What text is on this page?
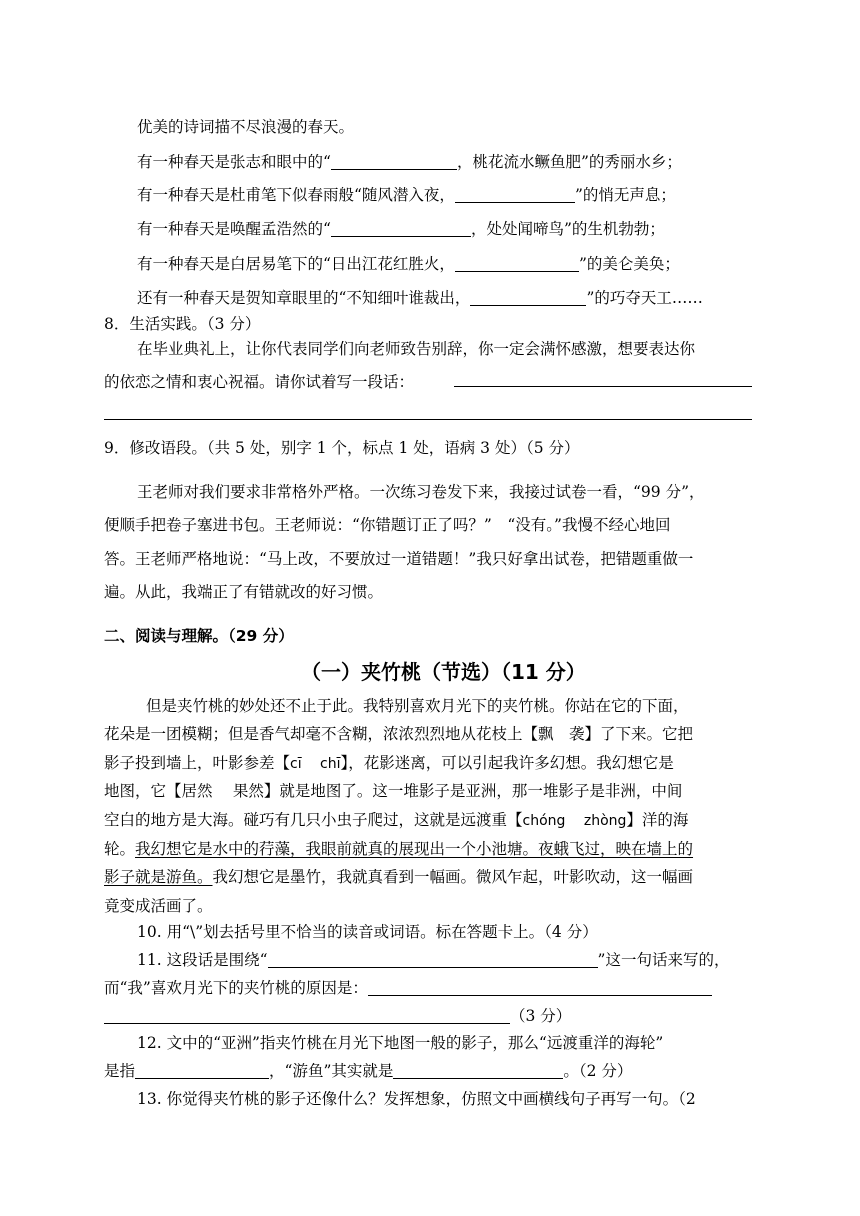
优美的诗词描不尽浪漫的春天。
有一种春天是张志和眼中的“	，桃花流水鳜鱼肥”的秀丽水乡；
有一种春天是杜甫笔下似春雨般“随风潜入夜，	”的悄无声息；
有一种春天是唤醒孟浩然的“	，处处闻啼鸟”的生机勃勃；
有一种春天是白居易笔下的“日出江花红胜火，	”的美仑美奂；
还有一种春天是贺知章眼里的“不知细叶谁裁出，	”的巧夺天工……
8．生活实践。（3 分）
在毕业典礼上，让你代表同学们向老师致告别辞，你一定会满怀感激，想要表达你
的依恋之情和衷心祝福。请你试着写一段话：
9．修改语段。（共 5 处，别字 1 个，标点 1 处，语病 3 处）（5 分）
王老师对我们要求非常格外严格。一次练习卷发下来，我接过试卷一看，“99 分”，
便顺手把卷子塞进书包。王老师说：“你错题订正了吗？”　“没有。”我慢不经心地回
答。王老师严格地说：“马上改，不要放过一道错题！”我只好拿出试卷，把错题重做一
遍。从此，我端正了有错就改的好习惯。
二、阅读与理解。（29 分）
（一）夹竹桃（节选）（11 分）
但是夹竹桃的妙处还不止于此。我特别喜欢月光下的夹竹桃。你站在它的下面，
花朵是一团模糊；但是香气却毫不含糊，浓浓烈烈地从花枝上【飘　袭】了下来。它把
影子投到墙上，叶影参差【cī　 chī】，花影迷离，可以引起我许多幻想。我幻想它是
地图，它【居然　 果然】就是地图了。这一堆影子是亚洲，那一堆影子是非洲，中间
空白的地方是大海。碰巧有几只小虫子爬过，这就是远渡重【chóng　 zhòng】洋的海
轮。我幻想它是水中的荇藻，我眼前就真的展现出一个小池塘。夜蛾飞过，映在墙上的
影子就是游鱼。我幻想它是墨竹，我就真看到一幅画。微风乍起，叶影吹动，这一幅画
竟变成活画了。
10. 用“\”划去括号里不恰当的读音或词语。标在答题卡上。（4 分）
11. 这段话是围绕“	”这一句话来写的，
而“我”喜欢月光下的夹竹桃的原因是：
（3 分）
12. 文中的“亚洲”指夹竹桃在月光下地图一般的影子，那么“远渡重洋的海轮”
是指	，“游鱼”其实就是	。（2 分）
13. 你觉得夹竹桃的影子还像什么？发挥想象，仿照文中画横线句子再写一句。（2
